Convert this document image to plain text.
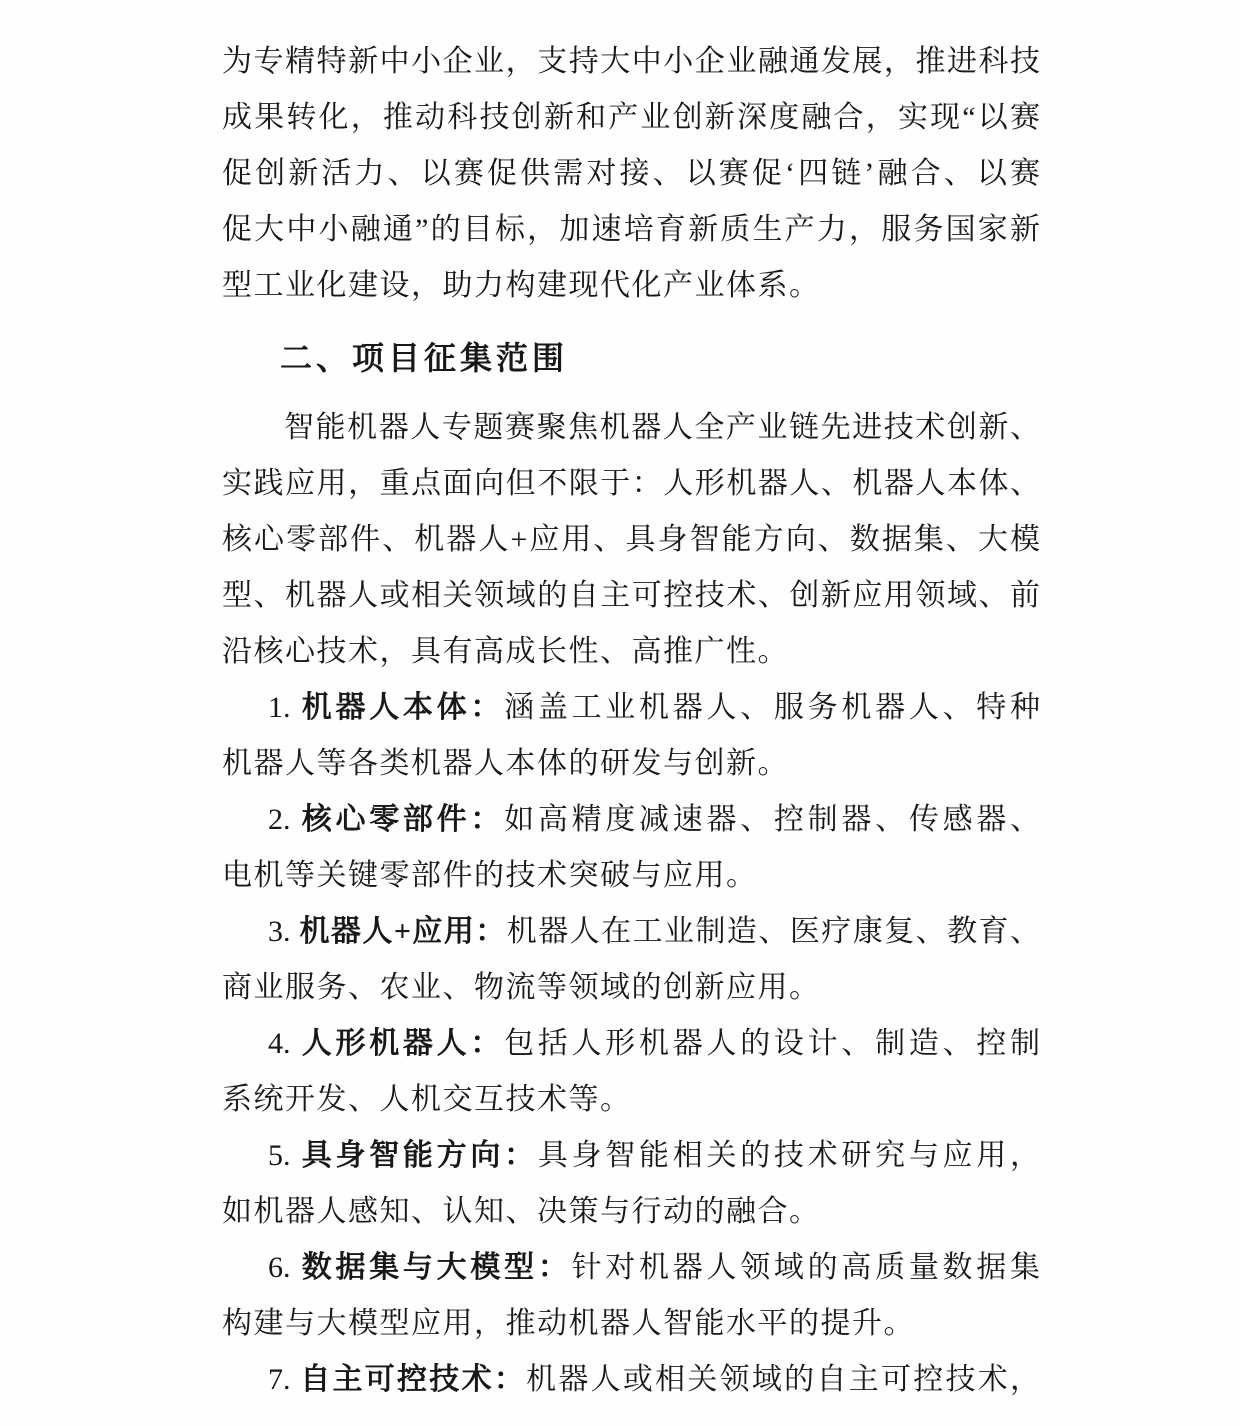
为专精特新中小企业，支持大中小企业融通发展，推进科技
成果转化，推动科技创新和产业创新深度融合，实现“以赛
促创新活力、以赛促供需对接、以赛促‘四链’融合、以赛
促大中小融通”的目标，加速培育新质生产力，服务国家新
型工业化建设，助力构建现代化产业体系。
二、项目征集范围
智能机器人专题赛聚焦机器人全产业链先进技术创新、
实践应用，重点面向但不限于：人形机器人、机器人本体、
核心零部件、机器人+应用、具身智能方向、数据集、大模
型、机器人或相关领域的自主可控技术、创新应用领域、前
沿核心技术，具有高成长性、高推广性。
1. 机器人本体：涵盖工业机器人、服务机器人、特种
机器人等各类机器人本体的研发与创新。
2. 核心零部件：如高精度减速器、控制器、传感器、
电机等关键零部件的技术突破与应用。
3. 机器人+应用：机器人在工业制造、医疗康复、教育、
商业服务、农业、物流等领域的创新应用。
4. 人形机器人：包括人形机器人的设计、制造、控制
系统开发、人机交互技术等。
5. 具身智能方向：具身智能相关的技术研究与应用，
如机器人感知、认知、决策与行动的融合。
6. 数据集与大模型：针对机器人领域的高质量数据集
构建与大模型应用，推动机器人智能水平的提升。
7. 自主可控技术：机器人或相关领域的自主可控技术，
